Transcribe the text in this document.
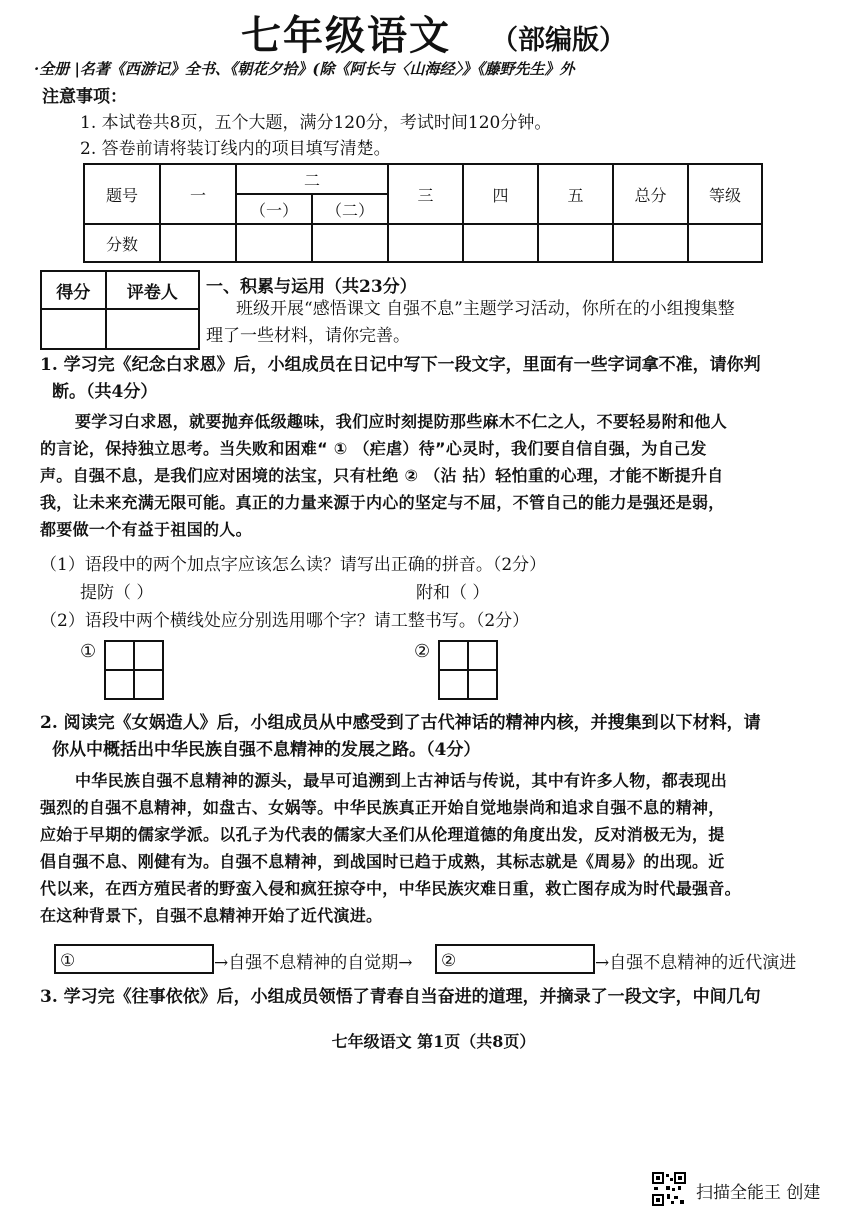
七年级语文 （部编版）
·全册 |名著《西游记》全书、《朝花夕拾》(除《阿长与〈山海经〉》《藤野先生》外
注意事项：
1. 本试卷共8页，五个大题，满分120分，考试时间120分钟。
2. 答卷前请将装订线内的项目填写清楚。
题号	一	二		三	四	五	总分	等级
		（一）	（二）					
分数								
得分	评卷人
	一、积累与运用（共23分）
班级开展“感悟课文 自强不息”主题学习活动，你所在的小组搜集整
理了一些材料，请你完善。
1. 学习完《纪念白求恩》后，小组成员在日记中写下一段文字，里面有一些字词拿不准，请你判
断。（共4分）
要学习白求恩，就要抛弃低级趣味，我们应时刻提防那些麻木不仁之人，不要轻易附和他人
的言论，保持独立思考。当失败和困难“ ① （疟虐）待”心灵时，我们要自信自强，为自己发
声。自强不息，是我们应对困境的法宝，只有杜绝 ② （沾 拈）轻怕重的心理，才能不断提升自
我，让未来充满无限可能。真正的力量来源于内心的坚定与不屈，不管自己的能力是强还是弱，
都要做一个有益于祖国的人。
（1）语段中的两个加点字应该怎么读？请写出正确的拼音。（2分）
提防（ ）	附和（ ）
（2）语段中两个横线处应分别选用哪个字？请工整书写。（2分）
①	②
2. 阅读完《女娲造人》后，小组成员从中感受到了古代神话的精神内核，并搜集到以下材料，请
你从中概括出中华民族自强不息精神的发展之路。（4分）
中华民族自强不息精神的源头，最早可追溯到上古神话与传说，其中有许多人物，都表现出
强烈的自强不息精神，如盘古、女娲等。中华民族真正开始自觉地崇尚和追求自强不息的精神，
应始于早期的儒家学派。以孔子为代表的儒家大圣们从伦理道德的角度出发，反对消极无为，提
倡自强不息、刚健有为。自强不息精神，到战国时已趋于成熟，其标志就是《周易》的出现。近
代以来，在西方殖民者的野蛮入侵和疯狂掠夺中，中华民族灾难日重，救亡图存成为时代最强音。
在这种背景下，自强不息精神开始了近代演进。
①	→自强不息精神的自觉期→	②	→自强不息精神的近代演进
3. 学习完《往事依依》后，小组成员领悟了青春自当奋进的道理，并摘录了一段文字，中间几句
七年级语文 第1页（共8页）
扫描全能王 创建
